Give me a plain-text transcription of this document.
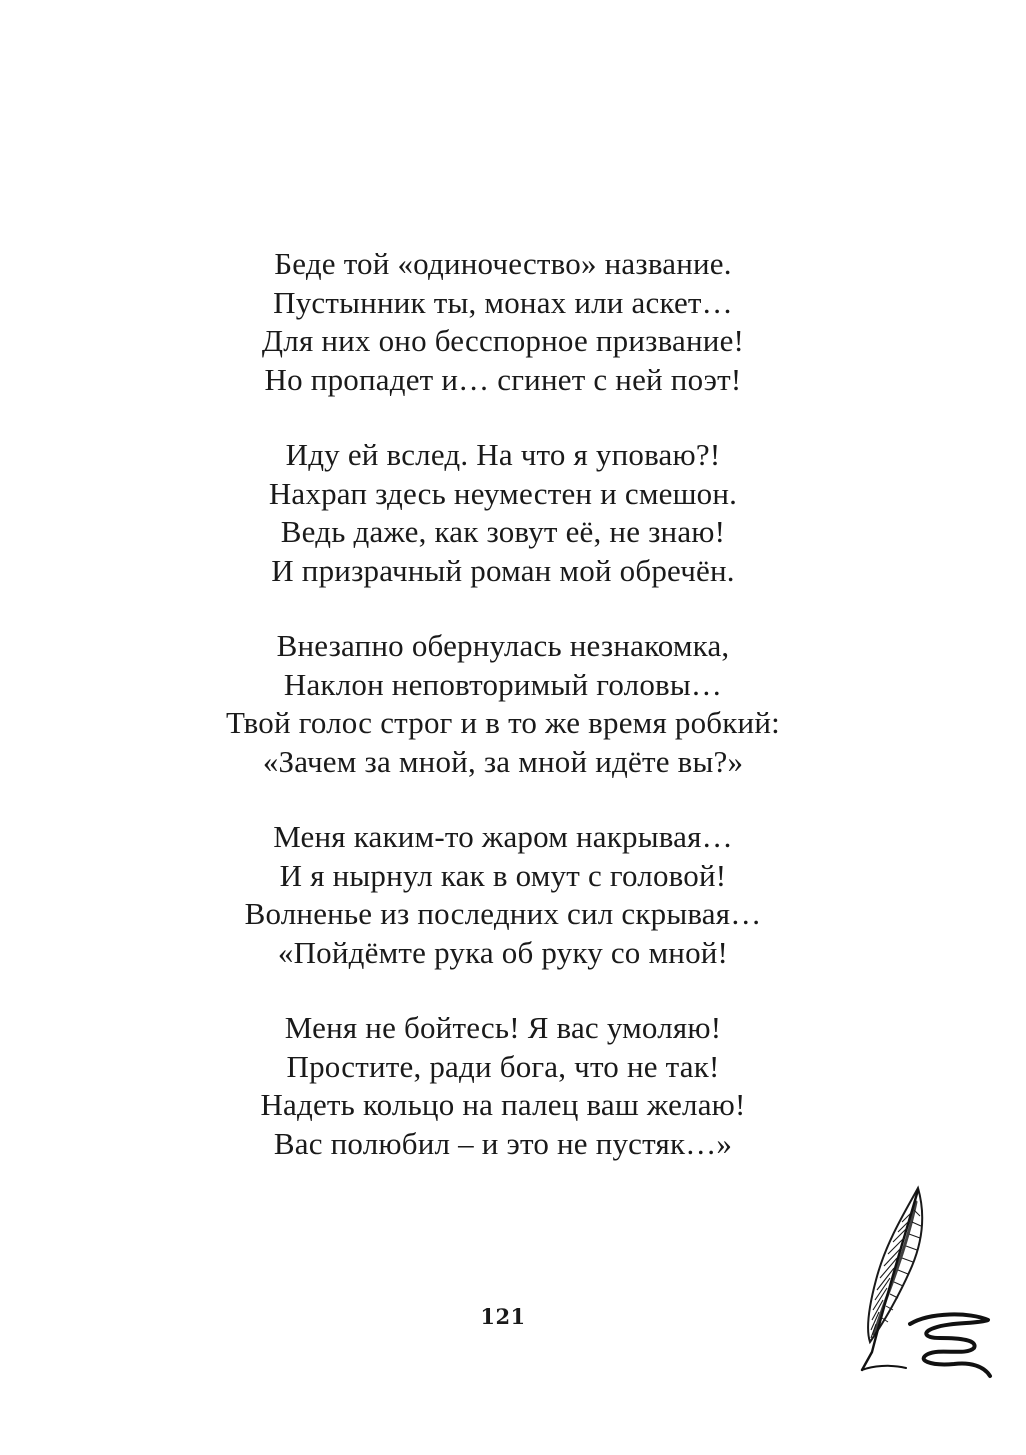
Беде той «одиночество» название.
Пустынник ты, монах или аскет…
Для них оно бесспорное призвание!
Но пропадет и… сгинет с ней поэт!
Иду ей вслед. На что я уповаю?!
Нахрап здесь неуместен и смешон.
Ведь даже, как зовут её, не знаю!
И призрачный роман мой обречён.
Внезапно обернулась незнакомка,
Наклон неповторимый головы…
Твой голос строг и в то же время робкий:
«Зачем за мной, за мной идёте вы?»
Меня каким-то жаром накрывая…
И я нырнул как в омут с головой!
Волненье из последних сил скрывая…
«Пойдёмте рука об руку со мной!
Меня не бойтесь! Я вас умоляю!
Простите, ради бога, что не так!
Надеть кольцо на палец ваш желаю!
Вас полюбил – и это не пустяк…»
121
